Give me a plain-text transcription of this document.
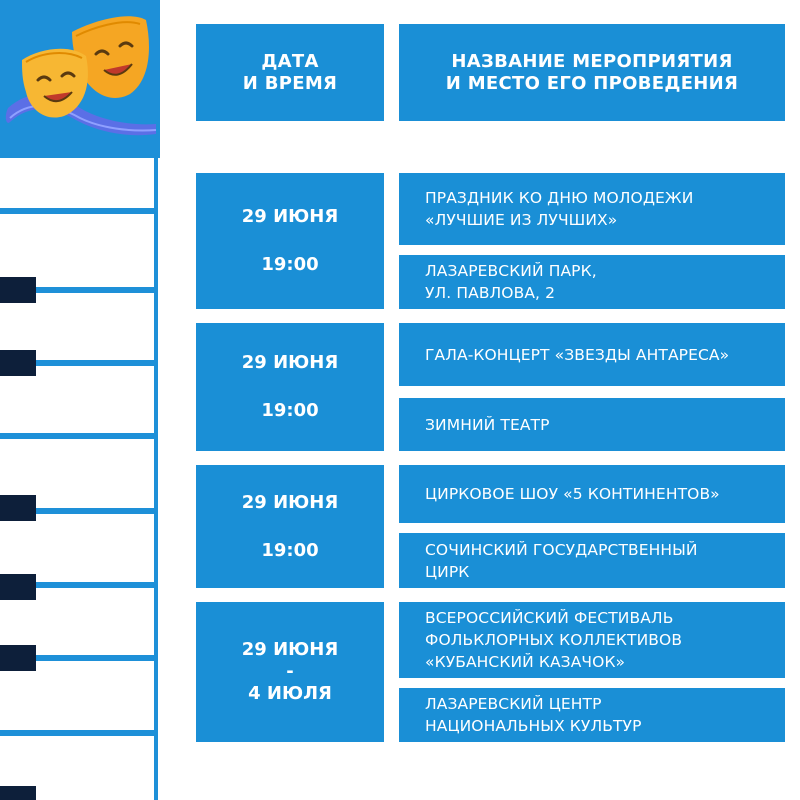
ДАТА
И ВРЕМЯ
НАЗВАНИЕ МЕРОПРИЯТИЯ
И МЕСТО ЕГО ПРОВЕДЕНИЯ
29 ИЮНЯ
19:00
ПРАЗДНИК КО ДНЮ МОЛОДЕЖИ
«ЛУЧШИЕ ИЗ ЛУЧШИХ»
ЛАЗАРЕВСКИЙ ПАРК,
УЛ. ПАВЛОВА, 2
29 ИЮНЯ
19:00
ГАЛА-КОНЦЕРТ «ЗВЕЗДЫ АНТАРЕСА»
ЗИМНИЙ ТЕАТР
29 ИЮНЯ
19:00
ЦИРКОВОЕ ШОУ «5 КОНТИНЕНТОВ»
СОЧИНСКИЙ ГОСУДАРСТВЕННЫЙ
ЦИРК
29 ИЮНЯ
-
4 ИЮЛЯ
ВСЕРОССИЙСКИЙ ФЕСТИВАЛЬ
ФОЛЬКЛОРНЫХ КОЛЛЕКТИВОВ
«КУБАНСКИЙ КАЗАЧОК»
ЛАЗАРЕВСКИЙ ЦЕНТР
НАЦИОНАЛЬНЫХ КУЛЬТУР
